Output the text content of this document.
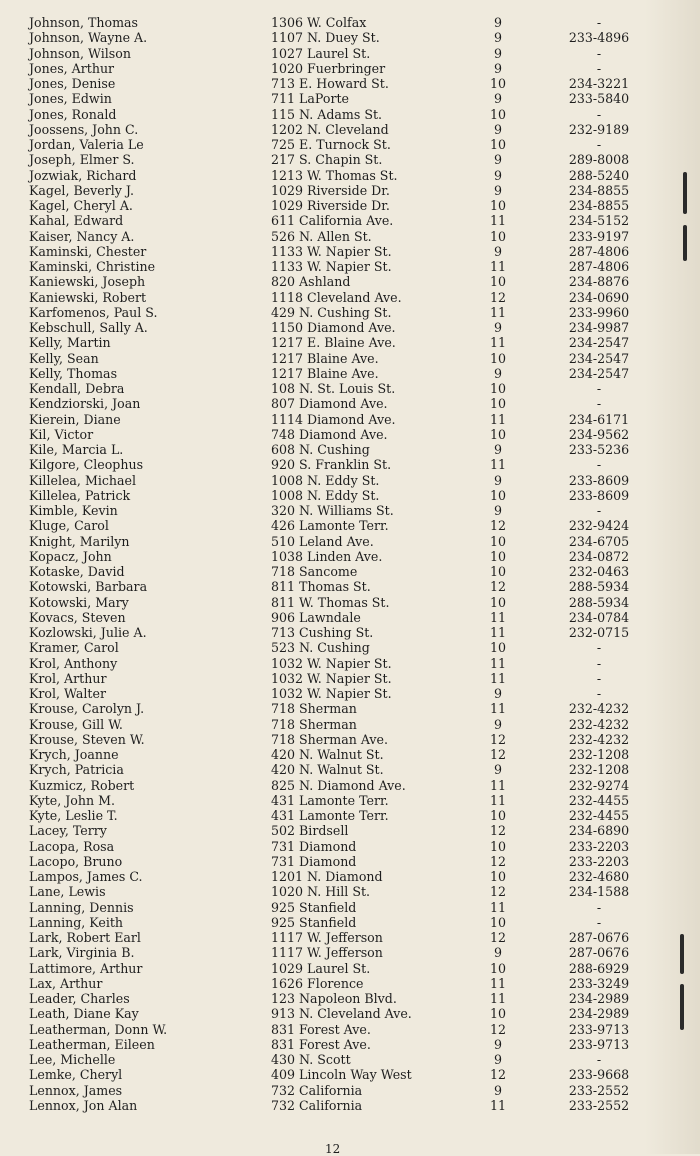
Johnson, Thomas	1306 W. Colfax	9	-
Johnson, Wayne A.	1107 N. Duey St.	9	233-4896
Johnson, Wilson	1027 Laurel St.	9	-
Jones, Arthur	1020 Fuerbringer	9	-
Jones, Denise	713 E. Howard St.	10	234-3221
Jones, Edwin	711 LaPorte	9	233-5840
Jones, Ronald	115 N. Adams St.	10	-
Joossens, John C.	1202 N. Cleveland	9	232-9189
Jordan, Valeria Le	725 E. Turnock St.	10	-
Joseph, Elmer S.	217 S. Chapin St.	9	289-8008
Jozwiak, Richard	1213 W. Thomas St.	9	288-5240
Kagel, Beverly J.	1029 Riverside Dr.	9	234-8855
Kagel, Cheryl A.	1029 Riverside Dr.	10	234-8855
Kahal, Edward	611 California Ave.	11	234-5152
Kaiser, Nancy A.	526 N. Allen St.	10	233-9197
Kaminski, Chester	1133 W. Napier St.	9	287-4806
Kaminski, Christine	1133 W. Napier St.	11	287-4806
Kaniewski, Joseph	820 Ashland	10	234-8876
Kaniewski, Robert	1118 Cleveland Ave.	12	234-0690
Karfomenos, Paul S.	429 N. Cushing St.	11	233-9960
Kebschull, Sally A.	1150 Diamond Ave.	9	234-9987
Kelly, Martin	1217 E. Blaine Ave.	11	234-2547
Kelly, Sean	1217 Blaine Ave.	10	234-2547
Kelly, Thomas	1217 Blaine Ave.	9	234-2547
Kendall, Debra	108 N. St. Louis St.	10	-
Kendziorski, Joan	807 Diamond Ave.	10	-
Kierein, Diane	1114 Diamond Ave.	11	234-6171
Kil, Victor	748 Diamond Ave.	10	234-9562
Kile, Marcia L.	608 N. Cushing	9	233-5236
Kilgore, Cleophus	920 S. Franklin St.	11	-
Killelea, Michael	1008 N. Eddy St.	9	233-8609
Killelea, Patrick	1008 N. Eddy St.	10	233-8609
Kimble, Kevin	320 N. Williams St.	9	-
Kluge, Carol	426 Lamonte Terr.	12	232-9424
Knight, Marilyn	510 Leland Ave.	10	234-6705
Kopacz, John	1038 Linden Ave.	10	234-0872
Kotaske, David	718 Sancome	10	232-0463
Kotowski, Barbara	811 Thomas St.	12	288-5934
Kotowski, Mary	811 W. Thomas St.	10	288-5934
Kovacs, Steven	906 Lawndale	11	234-0784
Kozlowski, Julie A.	713 Cushing St.	11	232-0715
Kramer, Carol	523 N. Cushing	10	-
Krol, Anthony	1032 W. Napier St.	11	-
Krol, Arthur	1032 W. Napier St.	11	-
Krol, Walter	1032 W. Napier St.	9	-
Krouse, Carolyn J.	718 Sherman	11	232-4232
Krouse, Gill W.	718 Sherman	9	232-4232
Krouse, Steven W.	718 Sherman Ave.	12	232-4232
Krych, Joanne	420 N. Walnut St.	12	232-1208
Krych, Patricia	420 N. Walnut St.	9	232-1208
Kuzmicz, Robert	825 N. Diamond Ave.	11	232-9274
Kyte, John M.	431 Lamonte Terr.	11	232-4455
Kyte, Leslie T.	431 Lamonte Terr.	10	232-4455
Lacey, Terry	502 Birdsell	12	234-6890
Lacopa, Rosa	731 Diamond	10	233-2203
Lacopo, Bruno	731 Diamond	12	233-2203
Lampos, James C.	1201 N. Diamond	10	232-4680
Lane, Lewis	1020 N. Hill St.	12	234-1588
Lanning, Dennis	925 Stanfield	11	-
Lanning, Keith	925 Stanfield	10	-
Lark, Robert Earl	1117 W. Jefferson	12	287-0676
Lark, Virginia B.	1117 W. Jefferson	9	287-0676
Lattimore, Arthur	1029 Laurel St.	10	288-6929
Lax, Arthur	1626 Florence	11	233-3249
Leader, Charles	123 Napoleon Blvd.	11	234-2989
Leath, Diane Kay	913 N. Cleveland Ave.	10	234-2989
Leatherman, Donn W.	831 Forest Ave.	12	233-9713
Leatherman, Eileen	831 Forest Ave.	9	233-9713
Lee, Michelle	430 N. Scott	9	-
Lemke, Cheryl	409 Lincoln Way West	12	233-9668
Lennox, James	732 California	9	233-2552
Lennox, Jon Alan	732 California	11	233-2552
12
